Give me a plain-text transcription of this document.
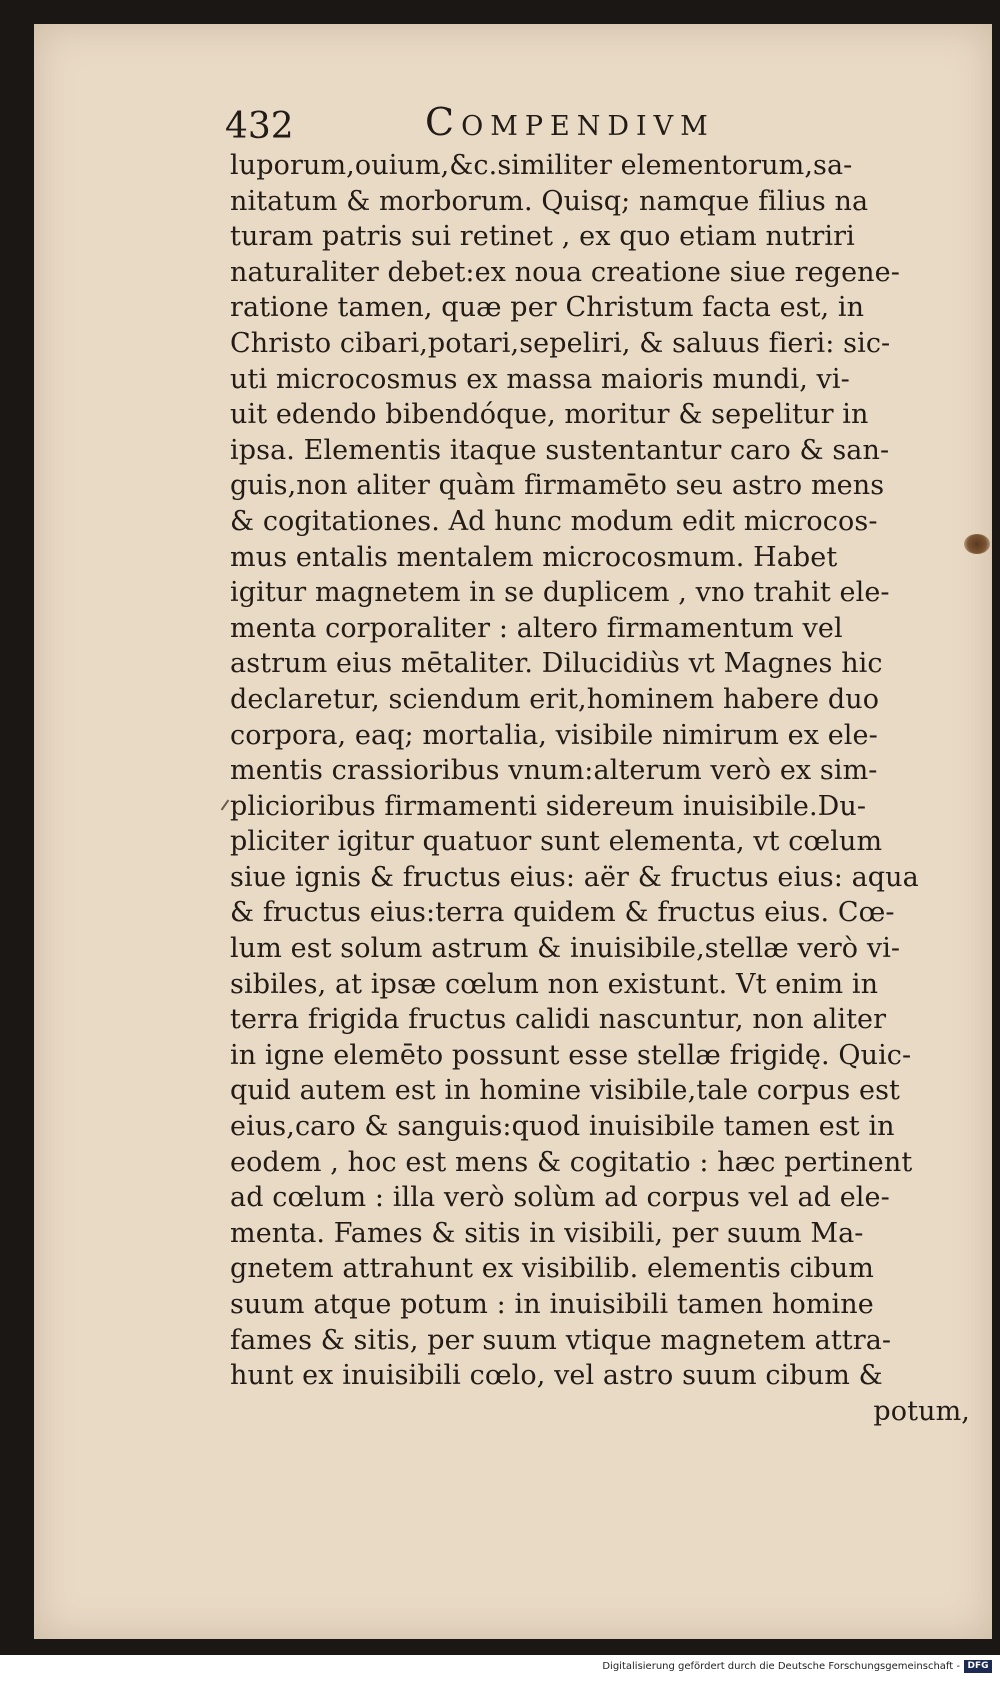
432	Compendivm
luporum,ouium,&c.similiter elementorum,sa-
nitatum & morborum. Quisq; namque filius na
turam patris sui retinet , ex quo etiam nutriri
naturaliter debet:ex noua creatione siue regene-
ratione tamen, quæ per Christum facta est, in
Christo cibari,potari,sepeliri, & saluus fieri: sic-
uti microcosmus ex massa maioris mundi, vi-
uit edendo bibendóque, moritur & sepelitur in
ipsa. Elementis itaque sustentantur caro & san-
guis,non aliter quàm firmamēto seu astro mens
& cogitationes. Ad hunc modum edit microcos-
mus entalis mentalem microcosmum. Habet
igitur magnetem in se duplicem , vno trahit ele-
menta corporaliter : altero firmamentum vel
astrum eius mētaliter. Dilucidiùs vt Magnes hic
declaretur, sciendum erit,hominem habere duo
corpora, eaq; mortalia, visibile nimirum ex ele-
mentis crassioribus vnum:alterum verò ex sim-
plicioribus firmamenti sidereum inuisibile.Du-
pliciter igitur quatuor sunt elementa, vt cœlum
siue ignis & fructus eius: aër & fructus eius: aqua
& fructus eius:terra quidem & fructus eius. Cœ-
lum est solum astrum & inuisibile,stellæ verò vi-
sibiles, at ipsæ cœlum non existunt. Vt enim in
terra frigida fructus calidi nascuntur, non aliter
in igne elemēto possunt esse stellæ frigidę. Quic-
quid autem est in homine visibile,tale corpus est
eius,caro & sanguis:quod inuisibile tamen est in
eodem , hoc est mens & cogitatio : hæc pertinent
ad cœlum : illa verò solùm ad corpus vel ad ele-
menta. Fames & sitis in visibili, per suum Ma-
gnetem attrahunt ex visibilib. elementis cibum
suum atque potum : in inuisibili tamen homine
fames & sitis, per suum vtique magnetem attra-
hunt ex inuisibili cœlo, vel astro suum cibum &
potum,
Digitalisierung gefördert durch die Deutsche Forschungsgemeinschaft - DFG
